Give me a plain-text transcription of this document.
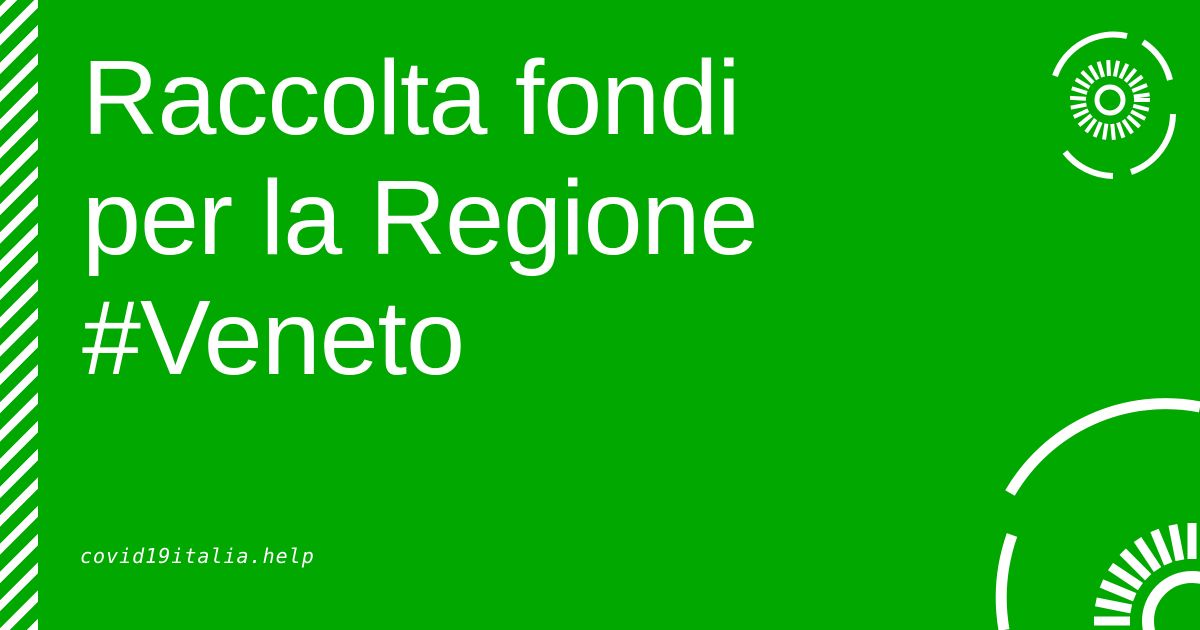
Raccolta fondi
per la Regione
#Veneto
covid19italia.help
